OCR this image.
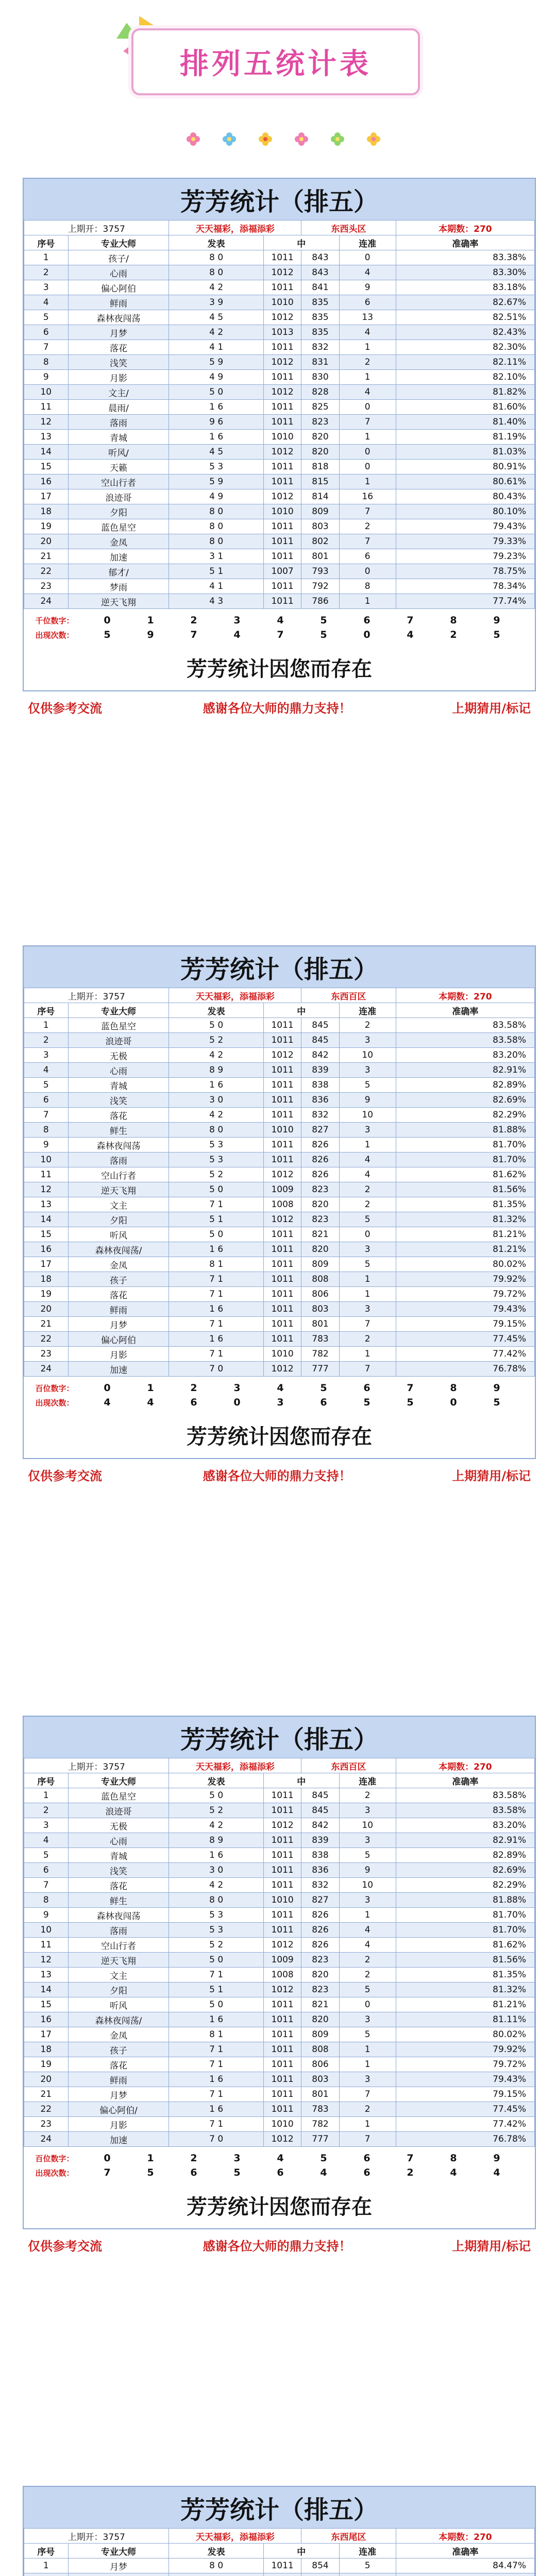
排列五统计表
芳芳统计（排五）
上期开：3757		天天福彩，添福添彩		东西头区		本期数：270
序号	专业大师	发表	中		连准	准确率
1	孩子/	8 0	1011	843	0	83.38%
2	心雨	8 0	1012	843	4	83.30%
3	偏心阿伯	4 2	1011	841	9	83.18%
4	鲜雨	3 9	1010	835	6	82.67%
5	森林夜闯荡	4 5	1012	835	13	82.51%
6	月梦	4 2	1013	835	4	82.43%
7	落花	4 1	1011	832	1	82.30%
8	浅笑	5 9	1012	831	2	82.11%
9	月影	4 9	1011	830	1	82.10%
10	文主/	5 0	1012	828	4	81.82%
11	晨雨/	1 6	1011	825	0	81.60%
12	落雨	9 6	1011	823	7	81.40%
13	青城	1 6	1010	820	1	81.19%
14	听风/	4 5	1012	820	0	81.03%
15	天籁	5 3	1011	818	0	80.91%
16	空山行者	5 9	1011	815	1	80.61%
17	浪迹哥	4 9	1012	814	16	80.43%
18	夕阳	8 0	1010	809	7	80.10%
19	蓝色星空	8 0	1011	803	2	79.43%
20	金凤	8 0	1011	802	7	79.33%
21	加速	3 1	1011	801	6	79.23%
22	郁才/	5 1	1007	793	0	78.75%
23	梦雨	4 1	1011	792	8	78.34%
24	逆天飞翔	4 3	1011	786	1	77.74%
千位数字：	0	1	2	3	4	5	6	7	8	9
出现次数：	5	9	7	4	7	5	0	4	2	5
芳芳统计因您而存在
仅供参考交流	感谢各位大师的鼎力支持！	上期猜用/标记
芳芳统计（排五）
上期开：3757		天天福彩，添福添彩		东西百区		本期数：270
序号	专业大师	发表	中		连准	准确率
1	蓝色星空	5 0	1011	845	2	83.58%
2	浪迹哥	5 2	1011	845	3	83.58%
3	无极	4 2	1012	842	10	83.20%
4	心雨	8 9	1011	839	3	82.91%
5	青城	1 6	1011	838	5	82.89%
6	浅笑	3 0	1011	836	9	82.69%
7	落花	4 2	1011	832	10	82.29%
8	鲜生	8 0	1010	827	3	81.88%
9	森林夜闯荡	5 3	1011	826	1	81.70%
10	落雨	5 3	1011	826	4	81.70%
11	空山行者	5 2	1012	826	4	81.62%
12	逆天飞翔	5 0	1009	823	2	81.56%
13	文主	7 1	1008	820	2	81.35%
14	夕阳	5 1	1012	823	5	81.32%
15	听风	5 0	1011	821	0	81.21%
16	森林夜闯荡/	1 6	1011	820	3	81.21%
17	金凤	8 1	1011	809	5	80.02%
18	孩子	7 1	1011	808	1	79.92%
19	落花	7 1	1011	806	1	79.72%
20	鲜雨	1 6	1011	803	3	79.43%
21	月梦	7 1	1011	801	7	79.15%
22	偏心阿伯	1 6	1011	783	2	77.45%
23	月影	7 1	1010	782	1	77.42%
24	加速	7 0	1012	777	7	76.78%
百位数字：	0	1	2	3	4	5	6	7	8	9
出现次数：	4	4	6	0	3	6	5	5	0	5
芳芳统计因您而存在
仅供参考交流	感谢各位大师的鼎力支持！	上期猜用/标记
芳芳统计（排五）
上期开：3757		天天福彩，添福添彩		东西百区		本期数：270
序号	专业大师	发表	中		连准	准确率
1	蓝色星空	5 0	1011	845	2	83.58%
2	浪迹哥	5 2	1011	845	3	83.58%
3	无极	4 2	1012	842	10	83.20%
4	心雨	8 9	1011	839	3	82.91%
5	青城	1 6	1011	838	5	82.89%
6	浅笑	3 0	1011	836	9	82.69%
7	落花	4 2	1011	832	10	82.29%
8	鲜生	8 0	1010	827	3	81.88%
9	森林夜闯荡	5 3	1011	826	1	81.70%
10	落雨	5 3	1011	826	4	81.70%
11	空山行者	5 2	1012	826	4	81.62%
12	逆天飞翔	5 0	1009	823	2	81.56%
13	文主	7 1	1008	820	2	81.35%
14	夕阳	5 1	1012	823	5	81.32%
15	听风	5 0	1011	821	0	81.21%
16	森林夜闯荡/	1 6	1011	820	3	81.11%
17	金凤	8 1	1011	809	5	80.02%
18	孩子	7 1	1011	808	1	79.92%
19	落花	7 1	1011	806	1	79.72%
20	鲜雨	1 6	1011	803	3	79.43%
21	月梦	7 1	1011	801	7	79.15%
22	偏心阿伯/	1 6	1011	783	2	77.45%
23	月影	7 1	1010	782	1	77.42%
24	加速	7 0	1012	777	7	76.78%
百位数字：	0	1	2	3	4	5	6	7	8	9
出现次数：	7	5	6	5	6	4	6	2	4	4
芳芳统计因您而存在
仅供参考交流	感谢各位大师的鼎力支持！	上期猜用/标记
芳芳统计（排五）
上期开：3757		天天福彩，添福添彩		东西尾区		本期数：270
序号	专业大师	发表	中		连准	准确率
1	月梦	8 0	1011	854	5	84.47%
